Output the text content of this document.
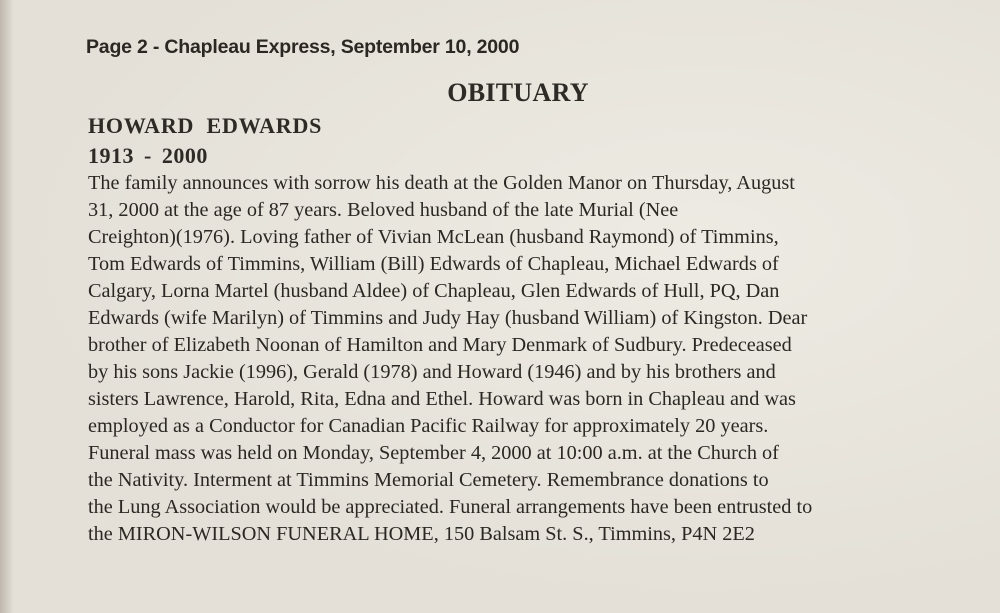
Page 2 - Chapleau Express, September 10, 2000
OBITUARY
HOWARD EDWARDS
1913 - 2000
The family announces with sorrow his death at the Golden Manor on Thursday, August
31, 2000 at the age of 87 years. Beloved husband of the late Murial (Nee
Creighton)(1976). Loving father of Vivian McLean (husband Raymond) of Timmins,
Tom Edwards of Timmins, William (Bill) Edwards of Chapleau, Michael Edwards of
Calgary, Lorna Martel (husband Aldee) of Chapleau, Glen Edwards of Hull, PQ, Dan
Edwards (wife Marilyn) of Timmins and Judy Hay (husband William) of Kingston. Dear
brother of Elizabeth Noonan of Hamilton and Mary Denmark of Sudbury. Predeceased
by his sons Jackie (1996), Gerald (1978) and Howard (1946) and by his brothers and
sisters Lawrence, Harold, Rita, Edna and Ethel. Howard was born in Chapleau and was
employed as a Conductor for Canadian Pacific Railway for approximately 20 years.
Funeral mass was held on Monday, September 4, 2000 at 10:00 a.m. at the Church of
the Nativity. Interment at Timmins Memorial Cemetery. Remembrance donations to
the Lung Association would be appreciated. Funeral arrangements have been entrusted to
the MIRON-WILSON FUNERAL HOME, 150 Balsam St. S., Timmins, P4N 2E2
